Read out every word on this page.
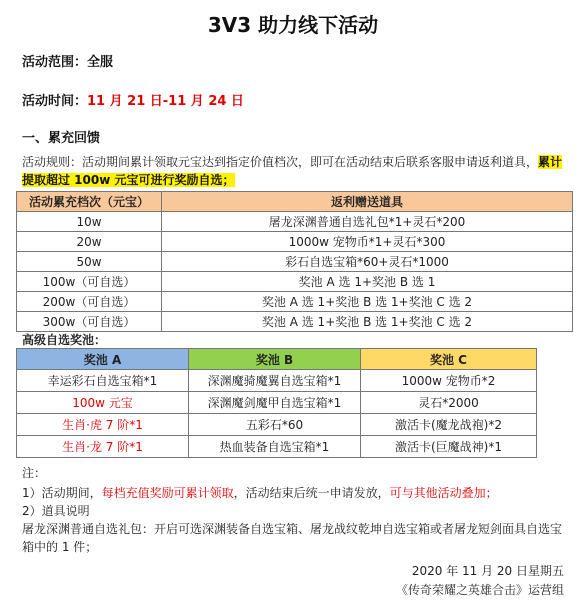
3V3 助力线下活动
活动范围：全服
活动时间：11 月 21 日-11 月 24 日
一、累充回馈
活动规则：活动期间累计领取元宝达到指定价值档次，即可在活动结束后联系客服申请返利道具，累计提取超过 100w 元宝可进行奖励自选；
活动累充档次（元宝）	返利赠送道具
10w	屠龙深渊普通自选礼包*1+灵石*200
20w	1000w 宠物币*1+灵石*300
50w	彩石自选宝箱*60+灵石*1000
100w（可自选）	奖池 A 选 1+奖池 B 选 1
200w（可自选）	奖池 A 选 1+奖池 B 选 1+奖池 C 选 2
300w（可自选）	奖池 A 选 1+奖池 B 选 1+奖池 C 选 2
高级自选奖池：
奖池 A	奖池 B	奖池 C
幸运彩石自选宝箱*1	深渊魔骑魔翼自选宝箱*1	1000w 宠物币*2
100w 元宝	深渊魔剑魔甲自选宝箱*1	灵石*2000
生肖·虎 7 阶*1	五彩石*60	激活卡(魔龙战袍)*2
生肖·龙 7 阶*1	热血装备自选宝箱*1	激活卡(巨魔战神)*1
注：
1）活动期间，每档充值奖励可累计领取，活动结束后统一申请发放，可与其他活动叠加；
2）道具说明
屠龙深渊普通自选礼包：开启可选深渊装备自选宝箱、屠龙战纹乾坤自选宝箱或者屠龙短剑面具自选宝箱中的 1 件；
2020 年 11 月 20 日星期五
《传奇荣耀之英雄合击》运营组
